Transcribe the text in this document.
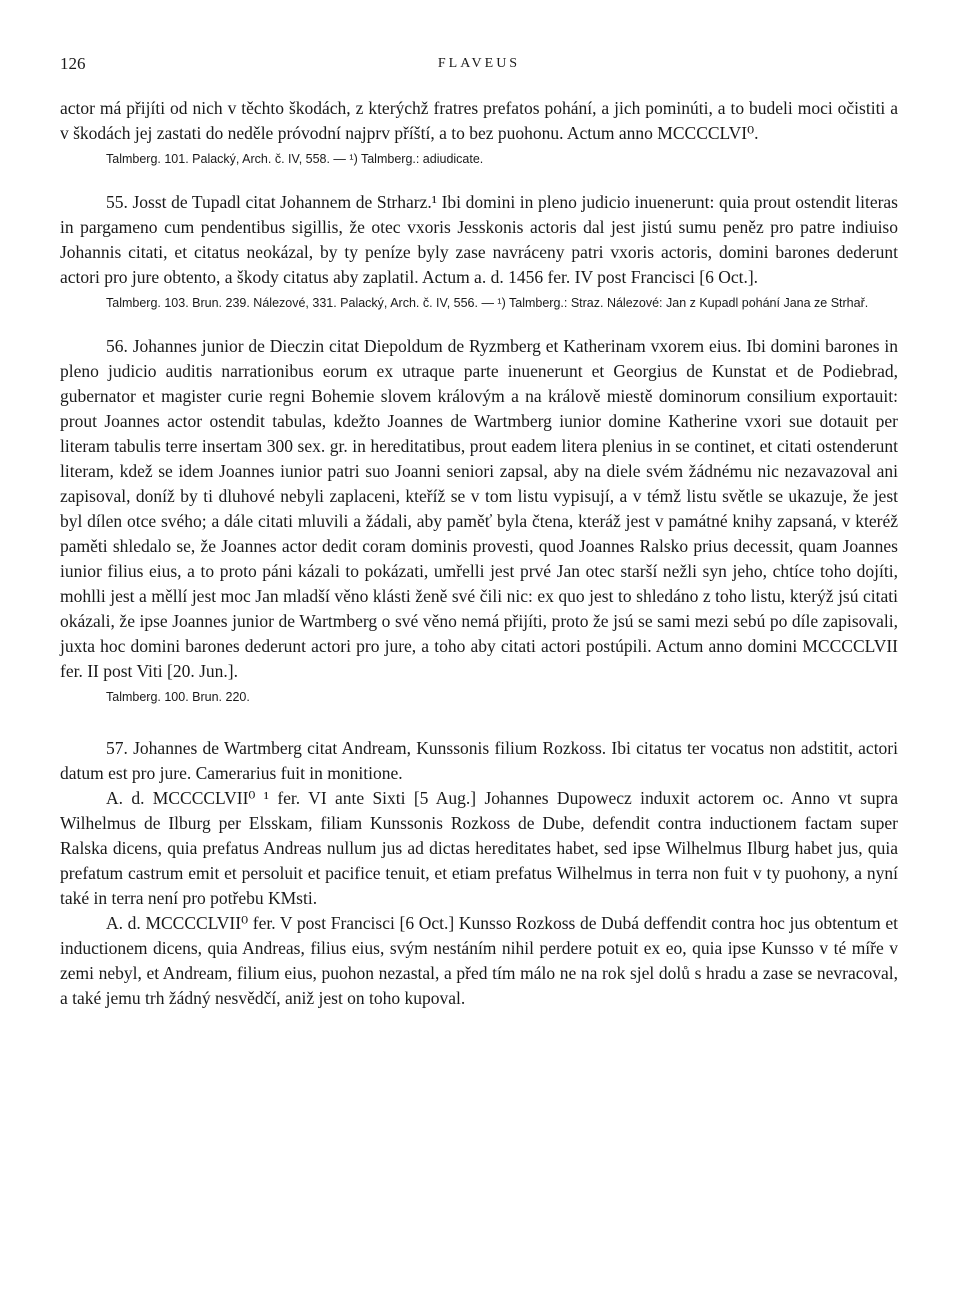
126	FLAVEUS

actor má přijíti od nich v těchto škodách, z kterýchž fratres prefatos pohání, a jich pominúti, a to budeli moci očistiti a v škodách jej zastati do neděle próvodní najprv příští, a to bez puohonu. Actum anno MCCCCLVI⁰.

Talmberg. 101. Palacký, Arch. č. IV, 558. — ¹) Talmberg.: adiudicate.

55. Josst de Tupadl citat Johannem de Strharz.¹ Ibi domini in pleno judicio inuenerunt: quia prout ostendit literas in pargameno cum pendentibus sigillis, že otec vxoris Jesskonis actoris dal jest jistú sumu peněz pro patre indiuiso Johannis citati, et citatus neokázal, by ty peníze byly zase navráceny patri vxoris actoris, domini barones dederunt actori pro jure obtento, a škody citatus aby zaplatil. Actum a. d. 1456 fer. IV post Francisci [6 Oct.].

Talmberg. 103. Brun. 239. Nálezové, 331. Palacký, Arch. č. IV, 556. — ¹) Talmberg.: Straz. Nálezové: Jan z Kupadl pohání Jana ze Strhař.

56. Johannes junior de Dieczin citat Diepoldum de Ryzmberg et Katherinam vxorem eius. Ibi domini barones in pleno judicio auditis narrationibus eorum ex utraque parte inuenerunt et Georgius de Kunstat et de Podiebrad, gubernator et magister curie regni Bohemie slovem královým a na králově miestě dominorum consilium exportauit: prout Joannes actor ostendit tabulas, kdežto Joannes de Wartmberg iunior domine Katherine vxori sue dotauit per literam tabulis terre insertam 300 sex. gr. in hereditatibus, prout eadem litera plenius in se continet, et citati ostenderunt literam, kdež se idem Joannes iunior patri suo Joanni seniori zapsal, aby na diele svém žádnému nic nezavazoval ani zapisoval, doníž by ti dluhové nebyli zaplaceni, kteříž se v tom listu vypisují, a v témž listu světle se ukazuje, že jest byl dílen otce svého; a dále citati mluvili a žádali, aby paměť byla čtena, kteráž jest v památné knihy zapsaná, v kteréž paměti shledalo se, že Joannes actor dedit coram dominis provesti, quod Joannes Ralsko prius decessit, quam Joannes iunior filius eius, a to proto páni kázali to pokázati, umřelli jest prvé Jan otec starší nežli syn jeho, chtíce toho dojíti, mohlli jest a měllí jest moc Jan mladší věno klásti ženě své čili nic: ex quo jest to shledáno z toho listu, kterýž jsú citati okázali, že ipse Joannes junior de Wartmberg o své věno nemá přijíti, proto že jsú se sami mezi sebú po díle zapisovali, juxta hoc domini barones dederunt actori pro jure, a toho aby citati actori postúpili. Actum anno domini MCCCCLVII fer. II post Viti [20. Jun.].

Talmberg. 100. Brun. 220.

57. Johannes de Wartmberg citat Andream, Kunssonis filium Rozkoss. Ibi citatus ter vocatus non adstitit, actori datum est pro jure. Camerarius fuit in monitione.

A. d. MCCCCLVII⁰ ¹ fer. VI ante Sixti [5 Aug.] Johannes Dupowecz induxit actorem oc. Anno vt supra Wilhelmus de Ilburg per Elsskam, filiam Kunssonis Rozkoss de Dube, defendit contra inductionem factam super Ralska dicens, quia prefatus Andreas nullum jus ad dictas hereditates habet, sed ipse Wilhelmus Ilburg habet jus, quia prefatum castrum emit et persoluit et pacifice tenuit, et etiam prefatus Wilhelmus in terra non fuit v ty puohony, a nyní také in terra není pro potřebu KMsti.

A. d. MCCCCLVII⁰ fer. V post Francisci [6 Oct.] Kunsso Rozkoss de Dubá deffendit contra hoc jus obtentum et inductionem dicens, quia Andreas, filius eius, svým nestáním nihil perdere potuit ex eo, quia ipse Kunsso v té míře v zemi nebyl, et Andream, filium eius, puohon nezastal, a před tím málo ne na rok sjel dolů s hradu a zase se nevracoval, a také jemu trh žádný nesvědčí, aniž jest on toho kupoval.
